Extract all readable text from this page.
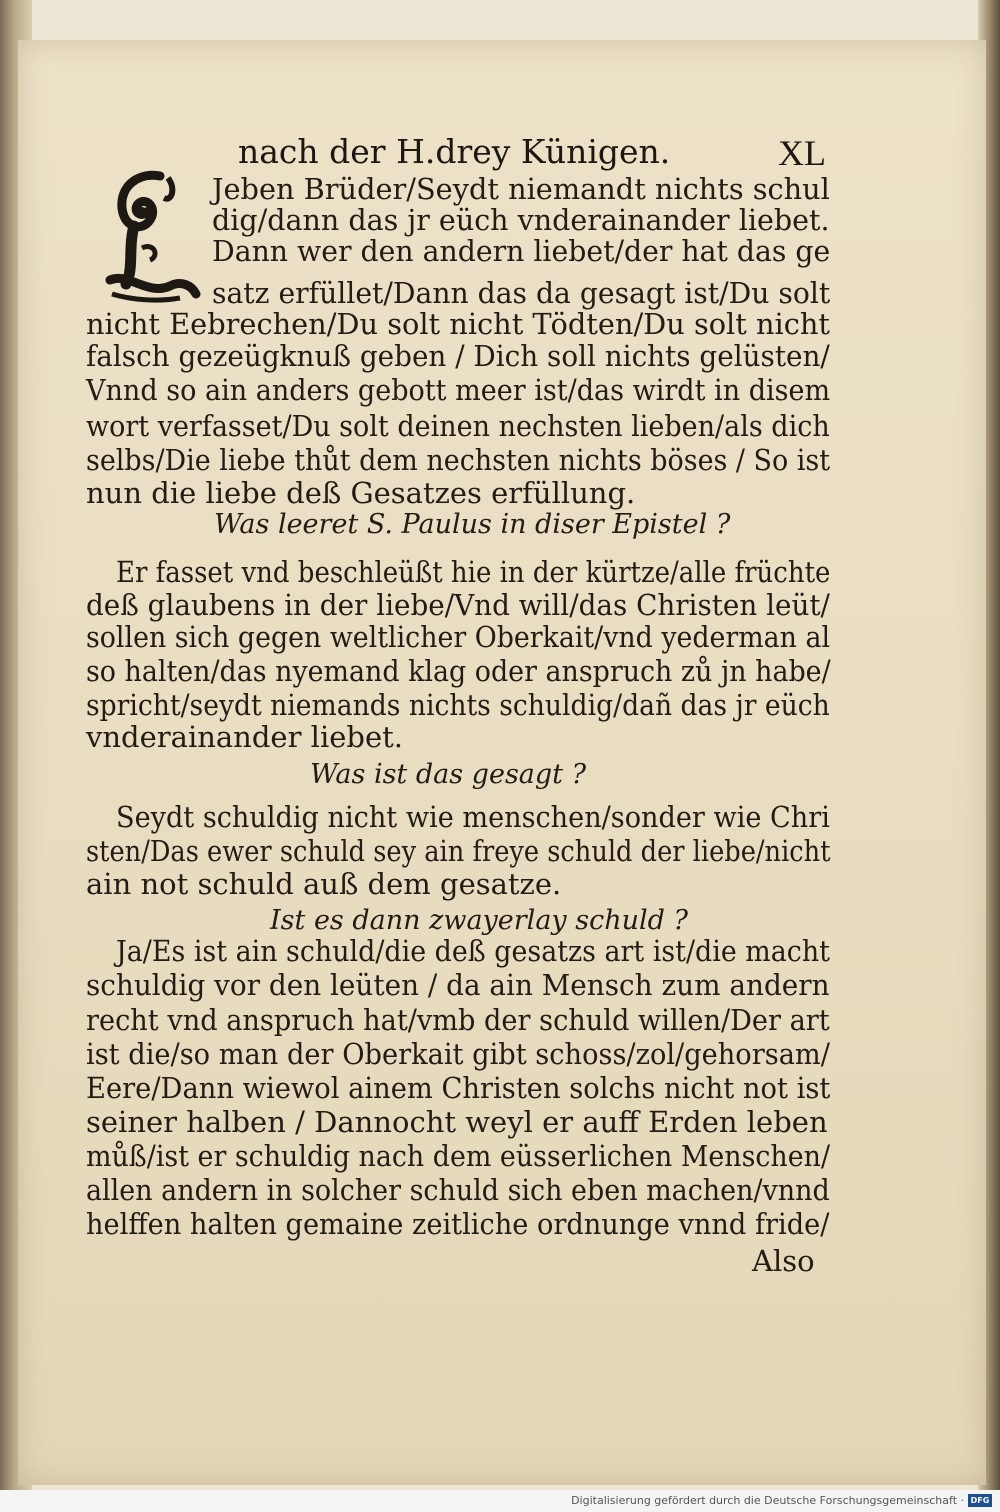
nach der H.drey Künigen.	XL
Jeben Brüder/Seydt niemandt nichts schul
dig/dann das jr eüch vnderainander liebet.
Dann wer den andern liebet/der hat das ge
satz erfüllet/Dann das da gesagt ist/Du solt
nicht Eebrechen/Du solt nicht Tödten/Du solt nicht
falsch gezeügknuß geben / Dich soll nichts gelüsten/
Vnnd so ain anders gebott meer ist/das wirdt in disem
wort verfasset/Du solt deinen nechsten lieben/als dich
selbs/Die liebe thůt dem nechsten nichts böses / So ist
nun die liebe deß Gesatzes erfüllung.
Was leeret S. Paulus in diser Epistel ?
Er fasset vnd beschleüßt hie in der kürtze/alle früchte
deß glaubens in der liebe/Vnd will/das Christen leüt/
sollen sich gegen weltlicher Oberkait/vnd yederman al
so halten/das nyemand klag oder anspruch zů jn habe/
spricht/seydt niemands nichts schuldig/dañ das jr eüch
vnderainander liebet.
Was ist das gesagt ?
Seydt schuldig nicht wie menschen/sonder wie Chri
sten/Das ewer schuld sey ain freye schuld der liebe/nicht
ain not schuld auß dem gesatze.
Ist es dann zwayerlay schuld ?
Ja/Es ist ain schuld/die deß gesatzs art ist/die macht
schuldig vor den leüten / da ain Mensch zum andern
recht vnd anspruch hat/vmb der schuld willen/Der art
ist die/so man der Oberkait gibt schoss/zol/gehorsam/
Eere/Dann wiewol ainem Christen solchs nicht not ist
seiner halben / Dannocht weyl er auff Erden leben
můß/ist er schuldig nach dem eüsserlichen Menschen/
allen andern in solcher schuld sich eben machen/vnnd
helffen halten gemaine zeitliche ordnunge vnnd fride/
Also
Digitalisierung gefördert durch die Deutsche Forschungsgemeinschaft · DFG
